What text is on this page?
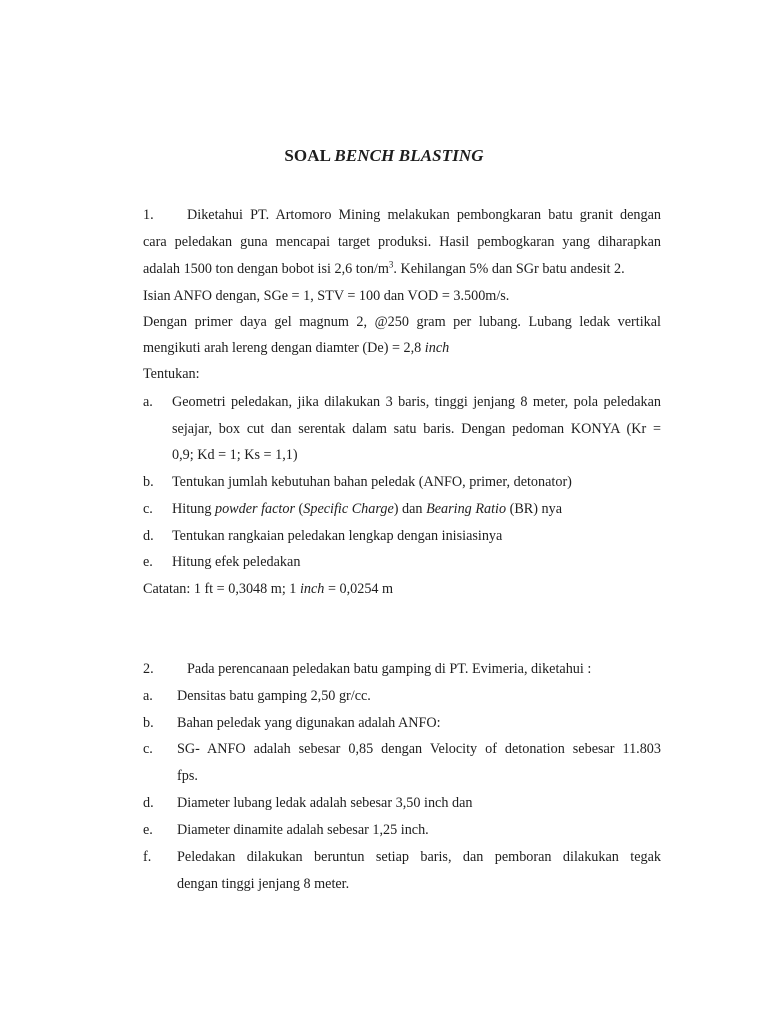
SOAL BENCH BLASTING
1. Diketahui PT. Artomoro Mining melakukan pembongkaran batu granit dengan
cara peledakan guna mencapai target produksi. Hasil pembogkaran yang diharapkan
adalah 1500 ton dengan bobot isi 2,6 ton/$m^3$. Kehilangan 5% dan SGr batu andesit 2.
Isian ANFO dengan, SGe = 1, STV = 100 dan VOD = 3.500m/s.
Dengan primer daya gel magnum 2, @250 gram per lubang. Lubang ledak vertikal
mengikuti arah lereng dengan diamter (De) = 2,8 inch
Tentukan:
a. Geometri peledakan, jika dilakukan 3 baris, tinggi jenjang 8 meter, pola peledakan
sejajar, box cut dan serentak dalam satu baris. Dengan pedoman KONYA (Kr =
0,9; Kd = 1; Ks = 1,1)
b. Tentukan jumlah kebutuhan bahan peledak (ANFO, primer, detonator)
c. Hitung powder factor (Specific Charge) dan Bearing Ratio (BR) nya
d. Tentukan rangkaian peledakan lengkap dengan inisiasinya
e. Hitung efek peledakan
Catatan: 1 ft = 0,3048 m; 1 inch = 0,0254 m
2. Pada perencanaan peledakan batu gamping di PT. Evimeria, diketahui :
a. Densitas batu gamping 2,50 gr/cc.
b. Bahan peledak yang digunakan adalah ANFO:
c. SG- ANFO adalah sebesar 0,85 dengan Velocity of detonation sebesar 11.803
fps.
d. Diameter lubang ledak adalah sebesar 3,50 inch dan
e. Diameter dinamite adalah sebesar 1,25 inch.
f. Peledakan dilakukan beruntun setiap baris, dan pemboran dilakukan tegak
dengan tinggi jenjang 8 meter.
